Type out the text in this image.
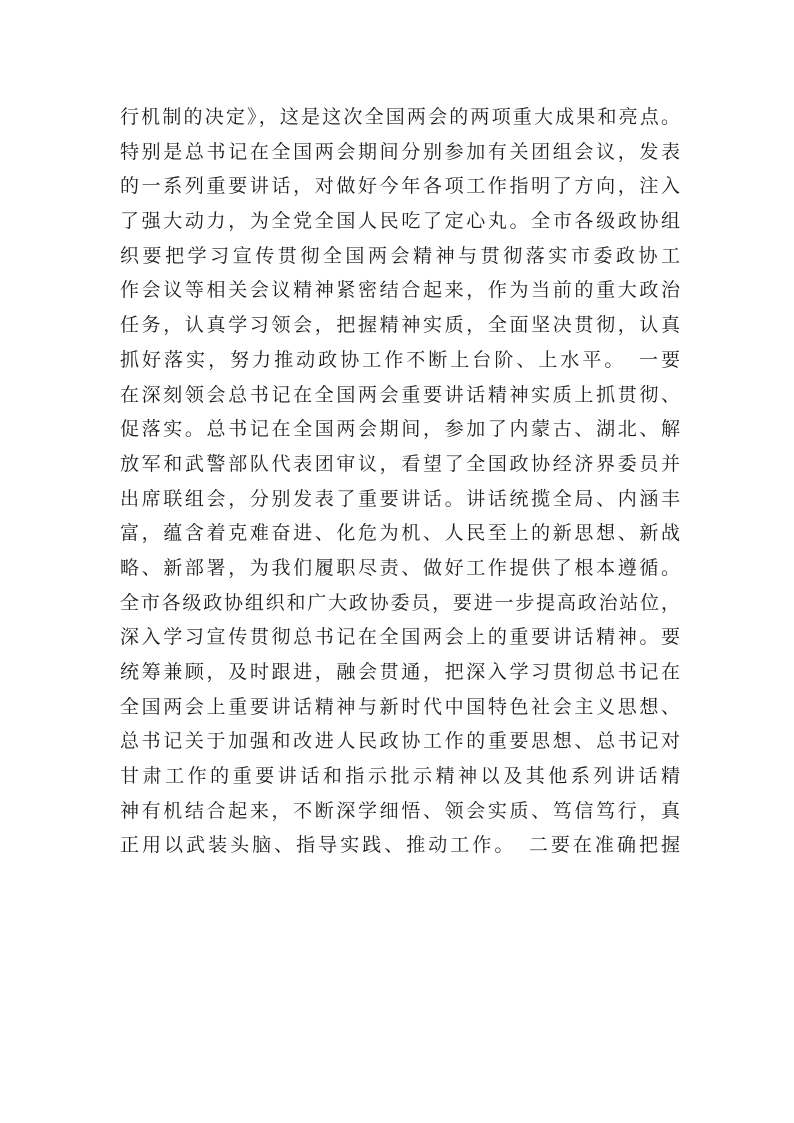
行机制的决定》，这是这次全国两会的两项重大成果和亮点。
特别是总书记在全国两会期间分别参加有关团组会议，发表
的一系列重要讲话，对做好今年各项工作指明了方向，注入
了强大动力，为全党全国人民吃了定心丸。全市各级政协组
织要把学习宣传贯彻全国两会精神与贯彻落实市委政协工
作会议等相关会议精神紧密结合起来，作为当前的重大政治
任务，认真学习领会，把握精神实质，全面坚决贯彻，认真
抓好落实，努力推动政协工作不断上台阶、上水平。　一要
在深刻领会总书记在全国两会重要讲话精神实质上抓贯彻、
促落实。总书记在全国两会期间，参加了内蒙古、湖北、解
放军和武警部队代表团审议，看望了全国政协经济界委员并
出席联组会，分别发表了重要讲话。讲话统揽全局、内涵丰
富，蕴含着克难奋进、化危为机、人民至上的新思想、新战
略、新部署，为我们履职尽责、做好工作提供了根本遵循。
全市各级政协组织和广大政协委员，要进一步提高政治站位，
深入学习宣传贯彻总书记在全国两会上的重要讲话精神。要
统筹兼顾，及时跟进，融会贯通，把深入学习贯彻总书记在
全国两会上重要讲话精神与新时代中国特色社会主义思想、
总书记关于加强和改进人民政协工作的重要思想、总书记对
甘肃工作的重要讲话和指示批示精神以及其他系列讲话精
神有机结合起来，不断深学细悟、领会实质、笃信笃行，真
正用以武装头脑、指导实践、推动工作。　二要在准确把握
